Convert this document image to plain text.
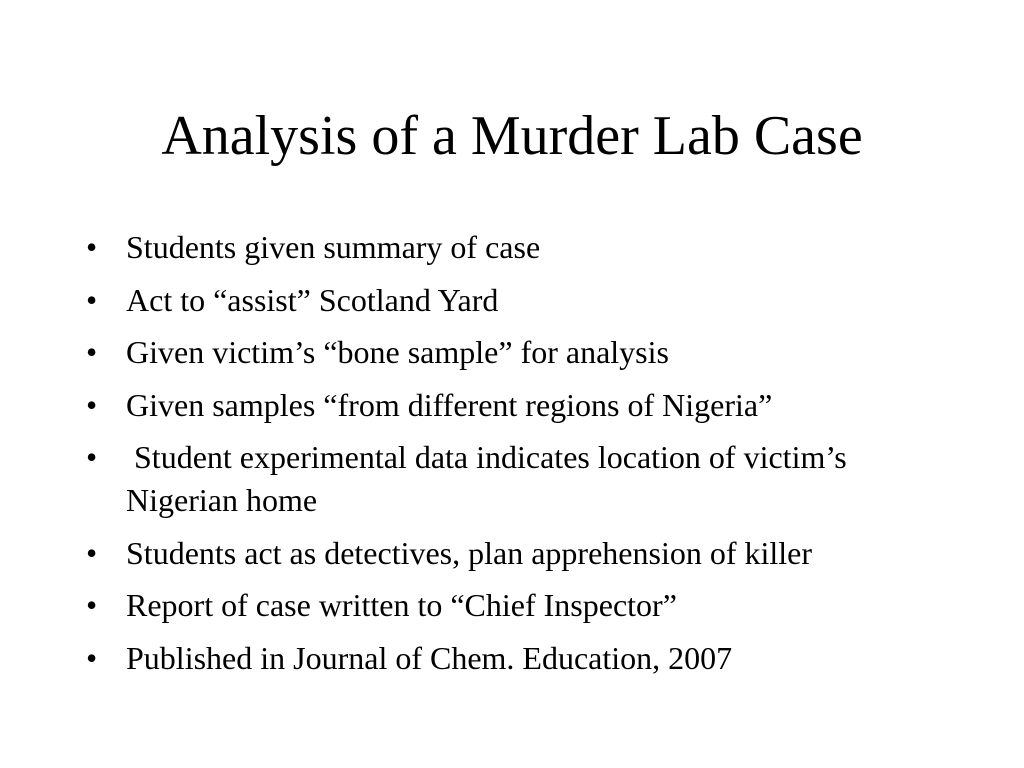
Analysis of a Murder Lab Case
• Students given summary of case
• Act to “assist” Scotland Yard
• Given victim’s “bone sample” for analysis
• Given samples “from different regions of Nigeria”
• Student experimental data indicates location of victim’s Nigerian home
• Students act as detectives, plan apprehension of killer
• Report of case written to “Chief Inspector”
• Published in Journal of Chem. Education, 2007
